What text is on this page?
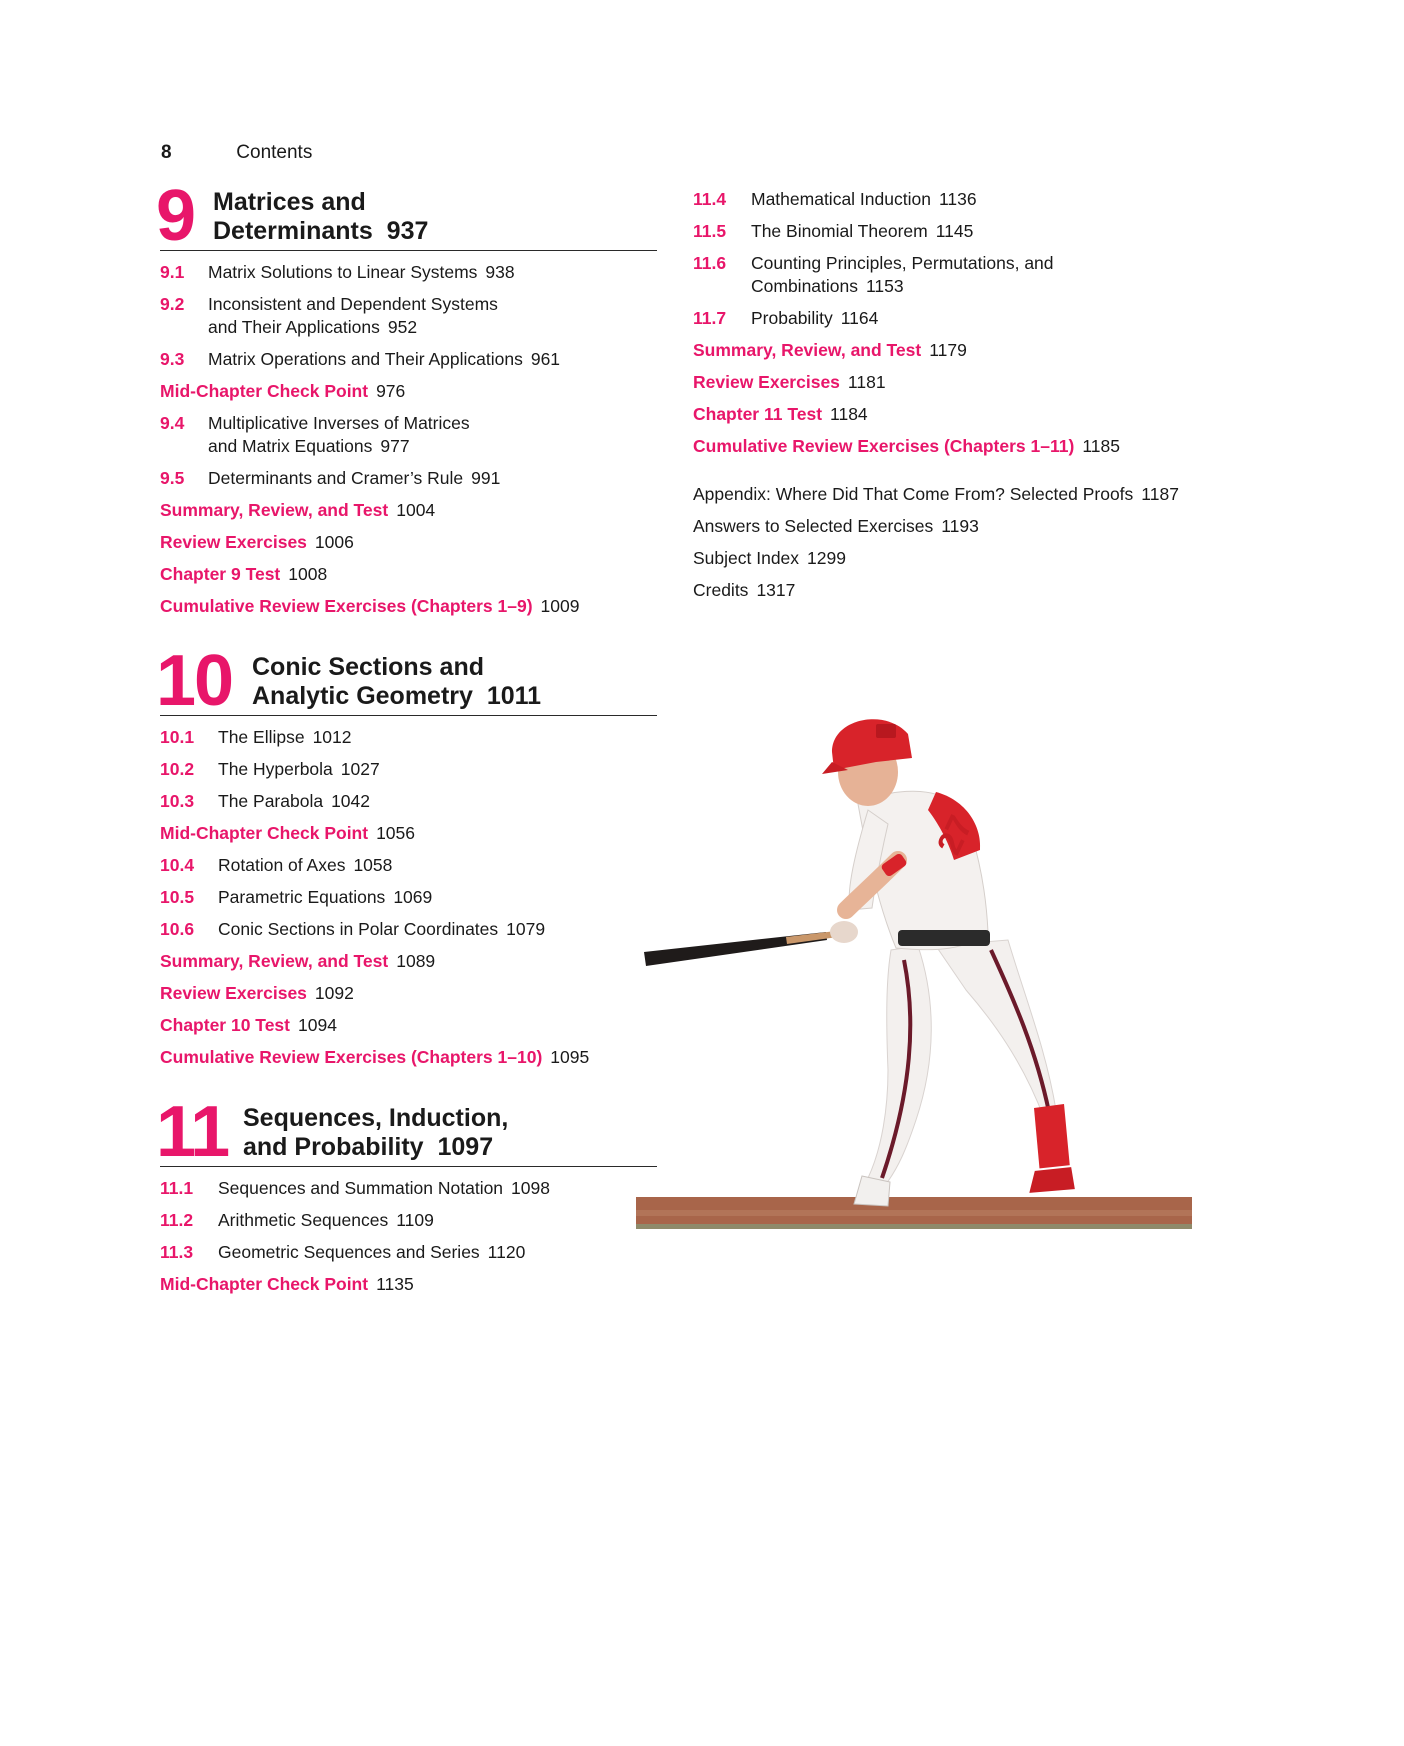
8	Contents
9 Matrices and
Determinants 937
9.1	Matrix Solutions to Linear Systems 938
9.2	Inconsistent and Dependent Systems
and Their Applications 952
9.3	Matrix Operations and Their Applications 961
Mid-Chapter Check Point 976
9.4	Multiplicative Inverses of Matrices
and Matrix Equations 977
9.5	Determinants and Cramer’s Rule 991
Summary, Review, and Test 1004
Review Exercises 1006
Chapter 9 Test 1008
Cumulative Review Exercises (Chapters 1–9) 1009
10 Conic Sections and
Analytic Geometry 1011
10.1	The Ellipse 1012
10.2	The Hyperbola 1027
10.3	The Parabola 1042
Mid-Chapter Check Point 1056
10.4	Rotation of Axes 1058
10.5	Parametric Equations 1069
10.6	Conic Sections in Polar Coordinates 1079
Summary, Review, and Test 1089
Review Exercises 1092
Chapter 10 Test 1094
Cumulative Review Exercises (Chapters 1–10) 1095
11 Sequences, Induction,
and Probability 1097
11.1	Sequences and Summation Notation 1098
11.2	Arithmetic Sequences 1109
11.3	Geometric Sequences and Series 1120
Mid-Chapter Check Point 1135
11.4	Mathematical Induction 1136
11.5	The Binomial Theorem 1145
11.6	Counting Principles, Permutations, and
Combinations 1153
11.7	Probability 1164
Summary, Review, and Test 1179
Review Exercises 1181
Chapter 11 Test 1184
Cumulative Review Exercises (Chapters 1–11) 1185
Appendix: Where Did That Come From? Selected Proofs 1187
Answers to Selected Exercises 1193
Subject Index 1299
Credits 1317
27
